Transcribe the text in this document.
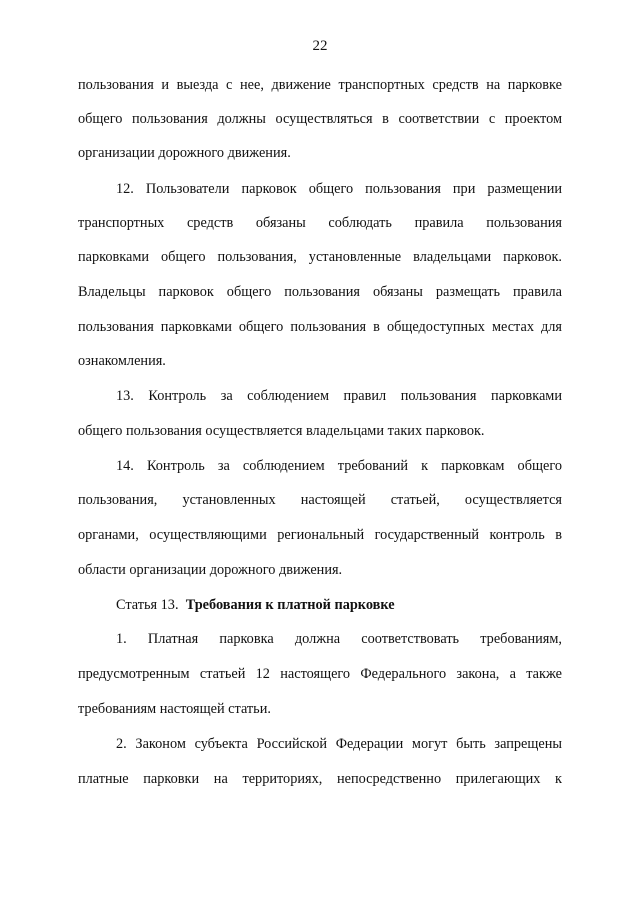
22
пользования и выезда с нее, движение транспортных средств на парковке
общего пользования должны осуществляться в соответствии с проектом
организации дорожного движения.
12. Пользователи парковок общего пользования при размещении
транспортных средств обязаны соблюдать правила пользования
парковками общего пользования, установленные владельцами парковок.
Владельцы парковок общего пользования обязаны размещать правила
пользования парковками общего пользования в общедоступных местах для
ознакомления.
13. Контроль за соблюдением правил пользования парковками
общего пользования осуществляется владельцами таких парковок.
14. Контроль за соблюдением требований к парковкам общего
пользования, установленных настоящей статьей, осуществляется
органами, осуществляющими региональный государственный контроль в
области организации дорожного движения.
Статья 13. Требования к платной парковке
1. Платная парковка должна соответствовать требованиям,
предусмотренным статьей 12 настоящего Федерального закона, а также
требованиям настоящей статьи.
2. Законом субъекта Российской Федерации могут быть запрещены
платные парковки на территориях, непосредственно прилегающих к
